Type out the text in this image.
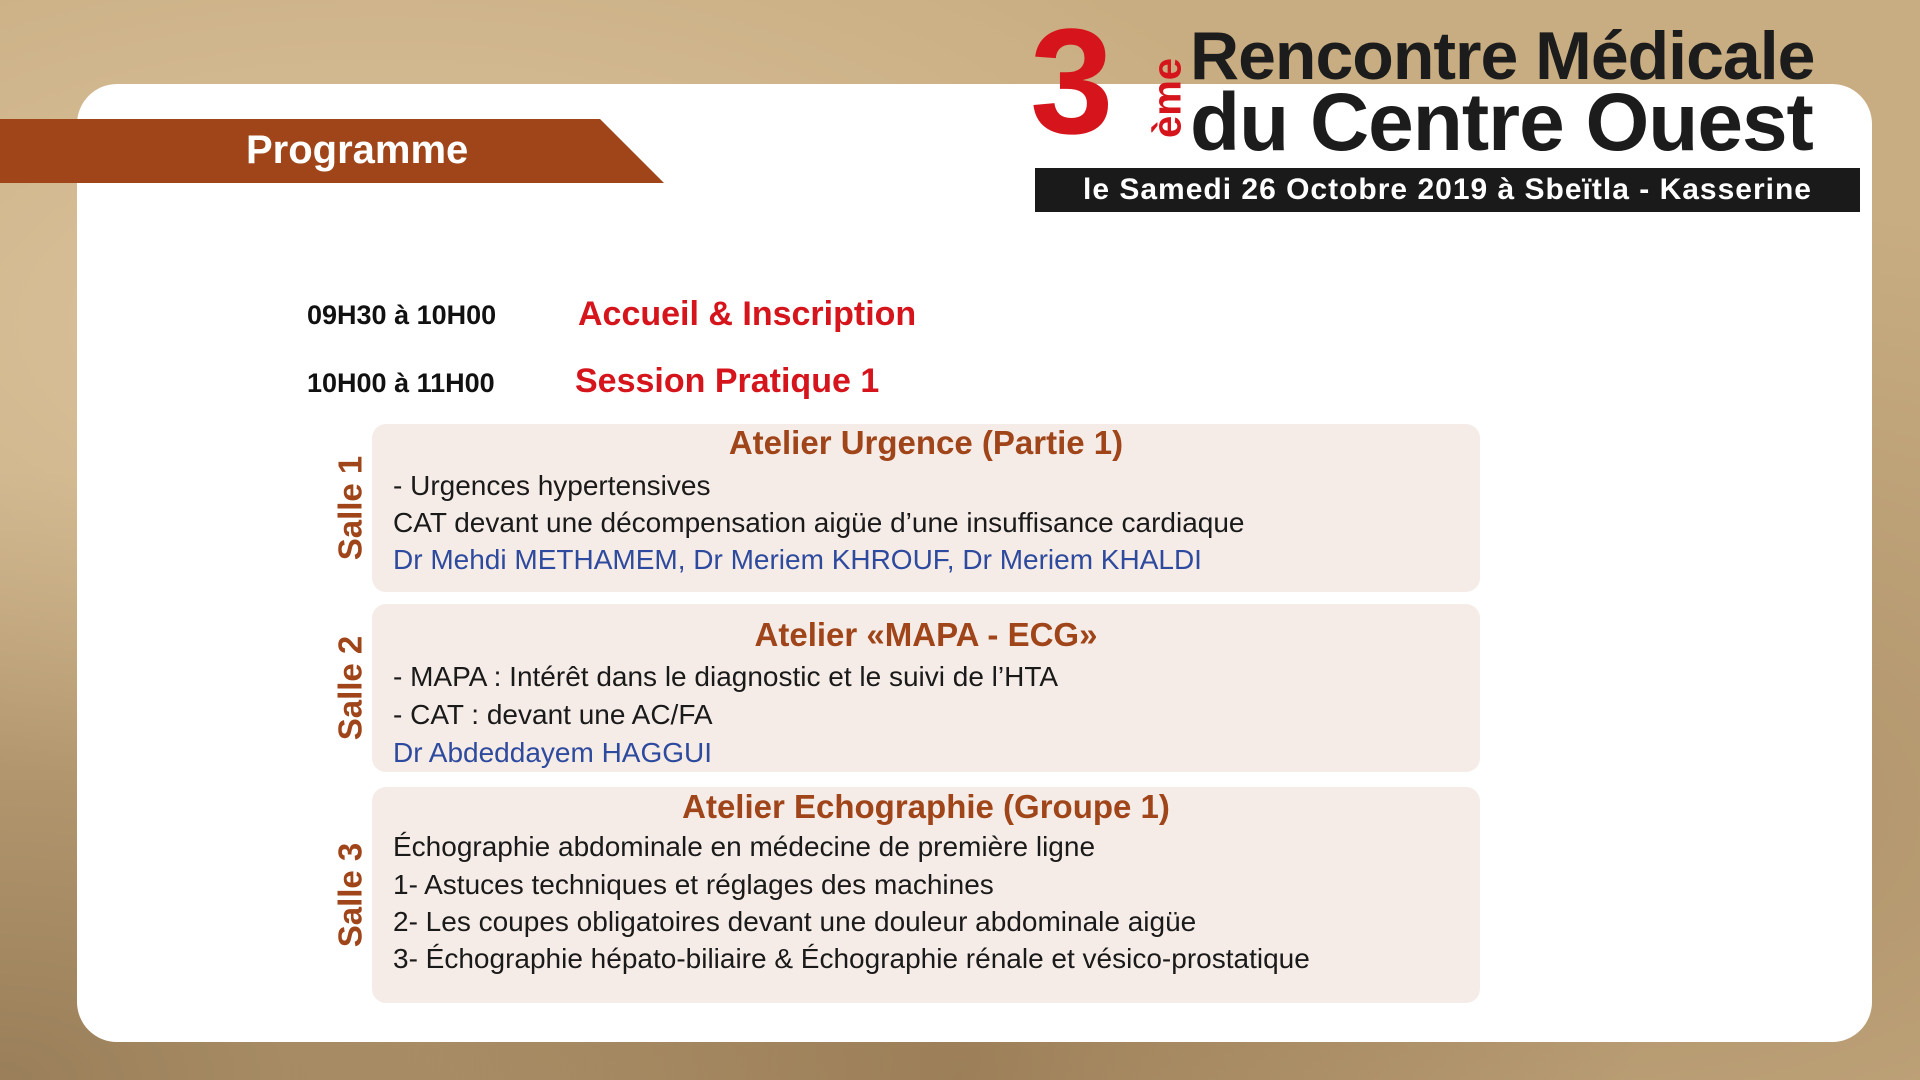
Programme	3 ème
Rencontre Médicale
du Centre Ouest
le Samedi 26 Octobre 2019 à Sbeïtla - Kasserine
09H30 à 10H00 Accueil & Inscription
10H00 à 11H00 Session Pratique 1
Salle 1
Atelier Urgence (Partie 1)
- Urgences hypertensives
CAT devant une décompensation aigüe d’une insuffisance cardiaque
Dr Mehdi METHAMEM, Dr Meriem KHROUF, Dr Meriem KHALDI
Salle 2
Atelier «MAPA - ECG»
- MAPA : Intérêt dans le diagnostic et le suivi de l’HTA
- CAT : devant une AC/FA
Dr Abdeddayem HAGGUI
Salle 3
Atelier Echographie (Groupe 1)
Échographie abdominale en médecine de première ligne
1- Astuces techniques et réglages des machines
2- Les coupes obligatoires devant une douleur abdominale aigüe
3- Échographie hépato-biliaire & Échographie rénale et vésico-prostatique
